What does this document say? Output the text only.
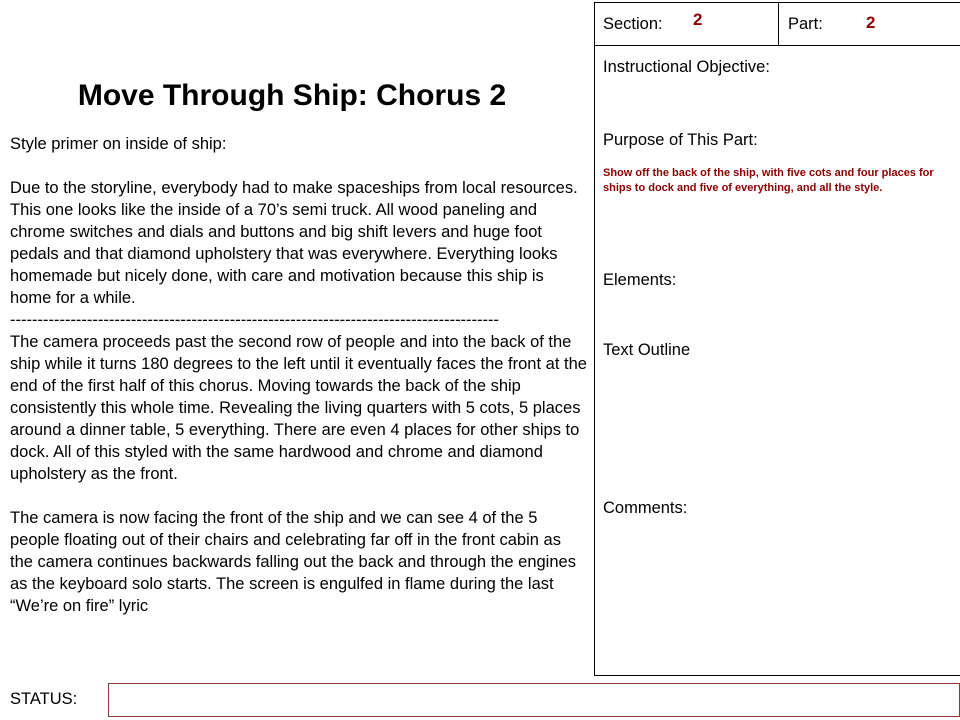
Move Through Ship: Chorus 2

Style primer on inside of ship:

Due to the storyline, everybody had to make spaceships from local resources. This one looks like the inside of a 70’s semi truck. All wood paneling and chrome switches and dials and buttons and big shift levers and huge foot pedals and that diamond upholstery that was everywhere. Everything looks homemade but nicely done, with care and motivation because this ship is home for a while.

-----------------------------------------------------------------------------------------

The camera proceeds past the second row of people and into the back of the ship while it turns 180 degrees to the left until it eventually faces the front at the end of the first half of this chorus. Moving towards the back of the ship consistently this whole time. Revealing the living quarters with 5 cots, 5 places around a dinner table, 5 everything. There are even 4 places for other ships to dock. All of this styled with the same hardwood and chrome and diamond upholstery as the front.

The camera is now facing the front of the ship and we can see 4 of the 5 people floating out of their chairs and celebrating far off in the front cabin as the camera continues backwards falling out the back and through the engines as the keyboard solo starts. The screen is engulfed in flame during the last “We’re on fire” lyric

Section: 2	Part:	2
Instructional Objective:
Purpose of This Part:
Show off the back of the ship, with five cots and four places for ships to dock and five of everything, and all the style.
Elements:
Text Outline
Comments:
STATUS:
